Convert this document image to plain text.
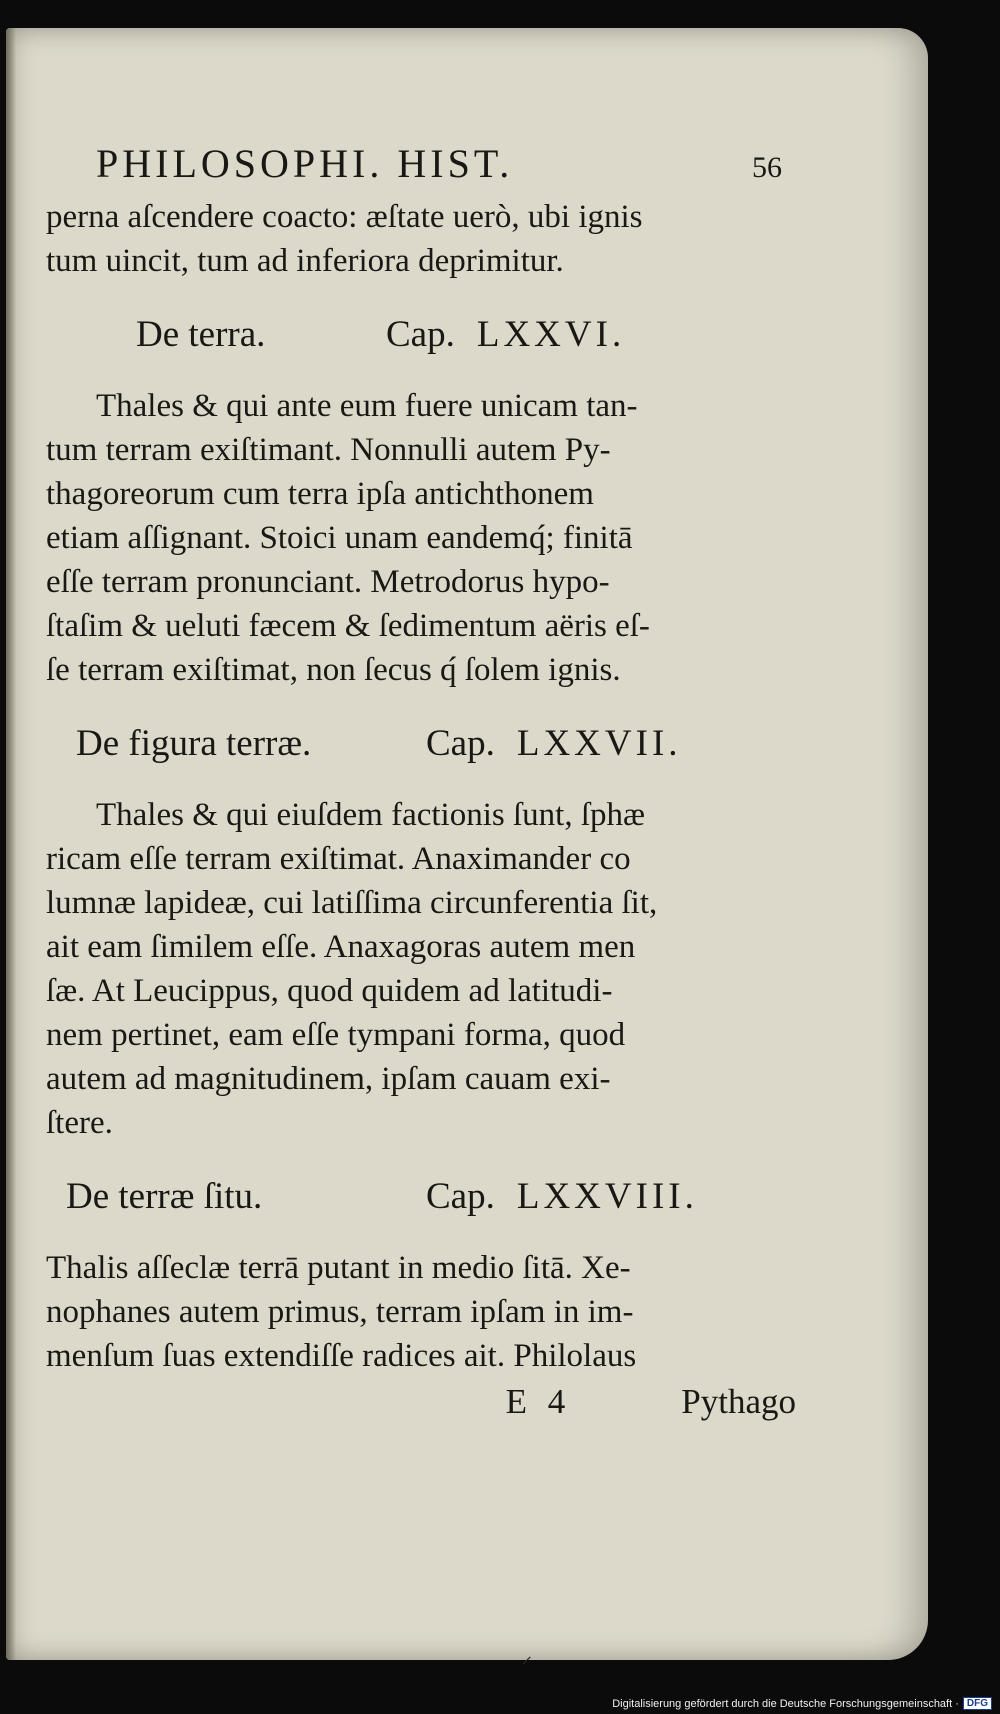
PHILOSOPHI. HIST.	56

perna aſcendere coacto: æſtate uerò, ubi ignis
tum uincit, tum ad inferiora deprimitur.

De terra.	Cap. LXXVI.

Thales & qui ante eum fuere unicam tan-
tum terram exiſtimant. Nonnulli autem Py-
thagoreorum cum terra ipſa antichthonem
etiam aſſignant. Stoici unam eandemq́; finitā
eſſe terram pronunciant. Metrodorus hypo-
ſtaſim & ueluti fæcem & ſedimentum aëris eſ-
ſe terram exiſtimat, non ſecus q́ ſolem ignis.

De figura terræ.	Cap. LXXVII.

Thales & qui eiuſdem factionis ſunt, ſphæ
ricam eſſe terram exiſtimat. Anaximander co
lumnæ lapideæ, cui latiſſima circunferentia ſit,
ait eam ſimilem eſſe. Anaxagoras autem men
ſæ. At Leucippus, quod quidem ad latitudi-
nem pertinet, eam eſſe tympani forma, quod
autem ad magnitudinem, ipſam cauam exi-
ſtere.

De terræ ſitu.	Cap. LXXVIII.

Thalis aſſeclæ terrā putant in medio ſitā. Xe-
nophanes autem primus, terram ipſam in im-
menſum ſuas extendiſſe radices ait. Philolaus

E 4	Pythago
⸝
Digitalisierung gefördert durch die Deutsche Forschungsgemeinschaft · DFG
